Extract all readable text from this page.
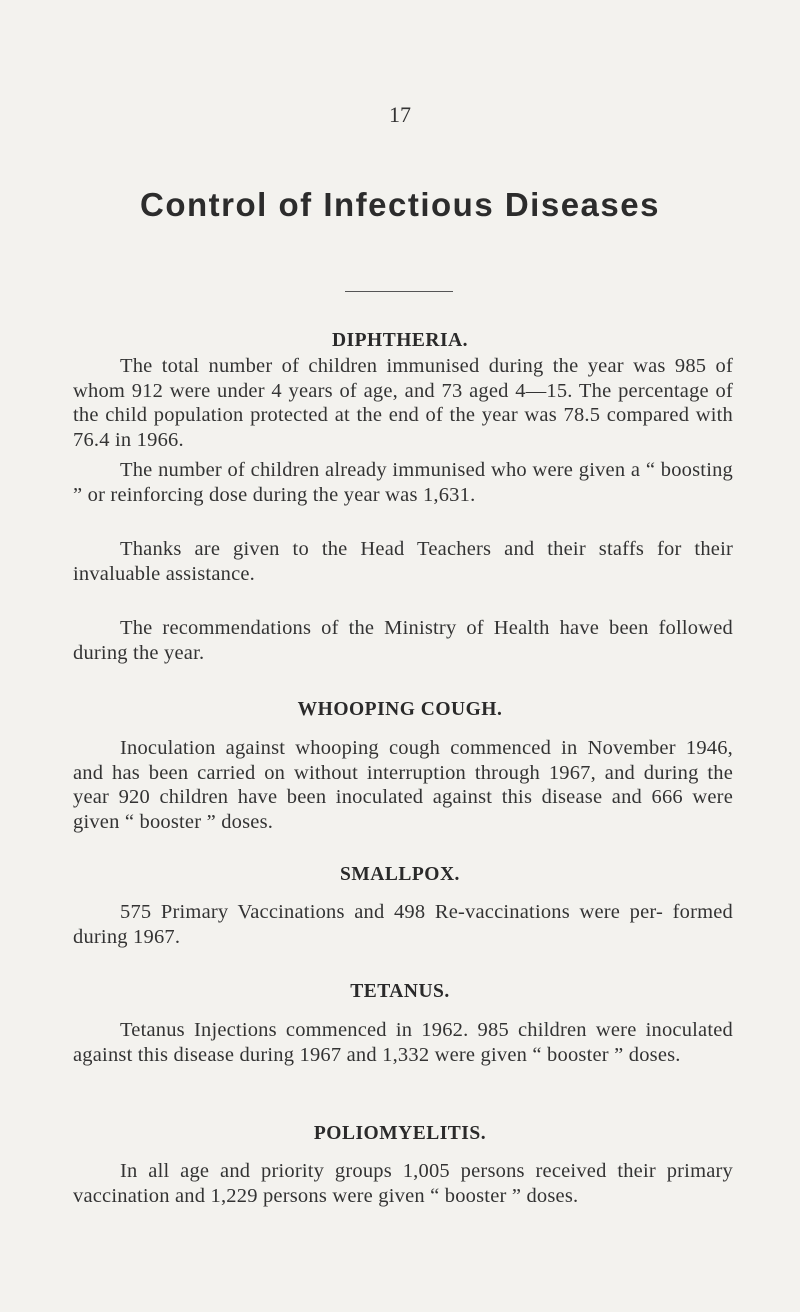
17
Control of Infectious Diseases
DIPHTHERIA.
The total number of children immunised during the year was 985 of whom 912 were under 4 years of age, and 73 aged 4—15. The percentage of the child population protected at the end of the year was 78.5 compared with 76.4 in 1966.
The number of children already immunised who were given a “ boosting ” or reinforcing dose during the year was 1,631.
Thanks are given to the Head Teachers and their staffs for their invaluable assistance.
The recommendations of the Ministry of Health have been followed during the year.
WHOOPING COUGH.
Inoculation against whooping cough commenced in November 1946, and has been carried on without interruption through 1967, and during the year 920 children have been inoculated against this disease and 666 were given “ booster ” doses.
SMALLPOX.
575 Primary Vaccinations and 498 Re-vaccinations were per- formed during 1967.
TETANUS.
Tetanus Injections commenced in 1962. 985 children were inoculated against this disease during 1967 and 1,332 were given “ booster ” doses.
POLIOMYELITIS.
In all age and priority groups 1,005 persons received their primary vaccination and 1,229 persons were given “ booster ” doses.
